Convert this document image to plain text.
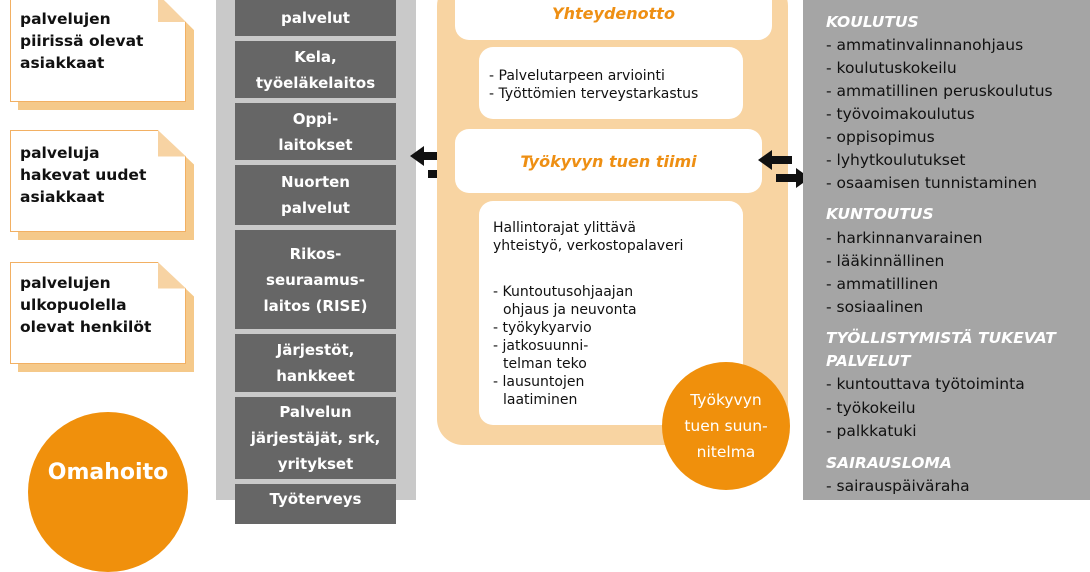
palvelujen piirissä olevat asiakkaat
palveluja hakevat uudet asiakkaat
palvelujen ulkopuolella olevat henkilöt
Omahoito
palvelut
Kela,
työeläkelaitos
Oppi-
laitokset
Nuorten
palvelut
Rikos-
seuraamus-
laitos (RISE)
Järjestöt,
hankkeet
Palvelun
järjestäjät, srk,
yritykset
Työterveys
Yhteydenotto
- Palvelutarpeen arviointi
- Työttömien terveystarkastus
Työkyvyn tuen tiimi
Hallintorajat ylittävä
yhteistyö, verkostopalaveri
- Kuntoutusohjaajan
ohjaus ja neuvonta
- työkykyarvio
- jatkosuunni-
telman teko
- lausuntojen
laatiminen	Työkyvyn
tuen suun-
nitelma
KOULUTUS
- ammatinvalinnanohjaus
- koulutuskokeilu
- ammatillinen peruskoulutus
- työvoimakoulutus
- oppisopimus
- lyhytkoulutukset
- osaamisen tunnistaminen
KUNTOUTUS
- harkinnanvarainen
- lääkinnällinen
- ammatillinen
- sosiaalinen
TYÖLLISTYMISTÄ TUKEVAT
PALVELUT
- kuntouttava työtoiminta
- työkokeilu
- palkkatuki
SAIRAUSLOMA
- sairauspäiväraha
